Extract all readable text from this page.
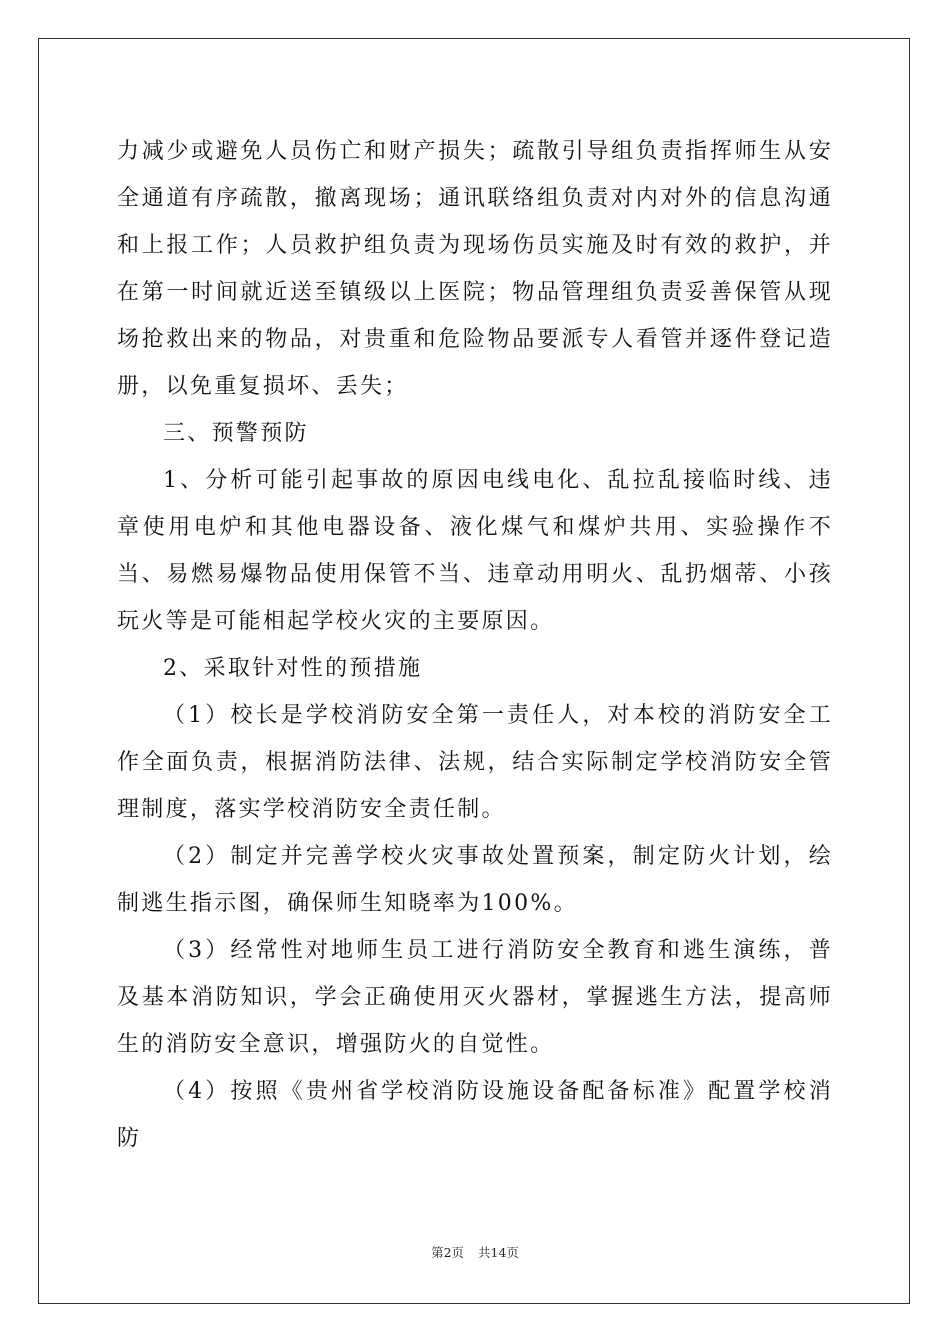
力减少或避免人员伤亡和财产损失；疏散引导组负责指挥师生从安全通道有序疏散，撤离现场；通讯联络组负责对内对外的信息沟通和上报工作；人员救护组负责为现场伤员实施及时有效的救护，并在第一时间就近送至镇级以上医院；物品管理组负责妥善保管从现场抢救出来的物品，对贵重和危险物品要派专人看管并逐件登记造册，以免重复损坏、丢失；

三、预警预防

1、分析可能引起事故的原因电线电化、乱拉乱接临时线、违章使用电炉和其他电器设备、液化煤气和煤炉共用、实验操作不当、易燃易爆物品使用保管不当、违章动用明火、乱扔烟蒂、小孩玩火等是可能相起学校火灾的主要原因。

2、采取针对性的预措施

（1）校长是学校消防安全第一责任人，对本校的消防安全工作全面负责，根据消防法律、法规，结合实际制定学校消防安全管理制度，落实学校消防安全责任制。

（2）制定并完善学校火灾事故处置预案，制定防火计划，绘制逃生指示图，确保师生知晓率为100%。

（3）经常性对地师生员工进行消防安全教育和逃生演练，普及基本消防知识，学会正确使用灭火器材，掌握逃生方法，提高师生的消防安全意识，增强防火的自觉性。

（4）按照《贵州省学校消防设施设备配备标准》配置学校消防

第2页 共14页
